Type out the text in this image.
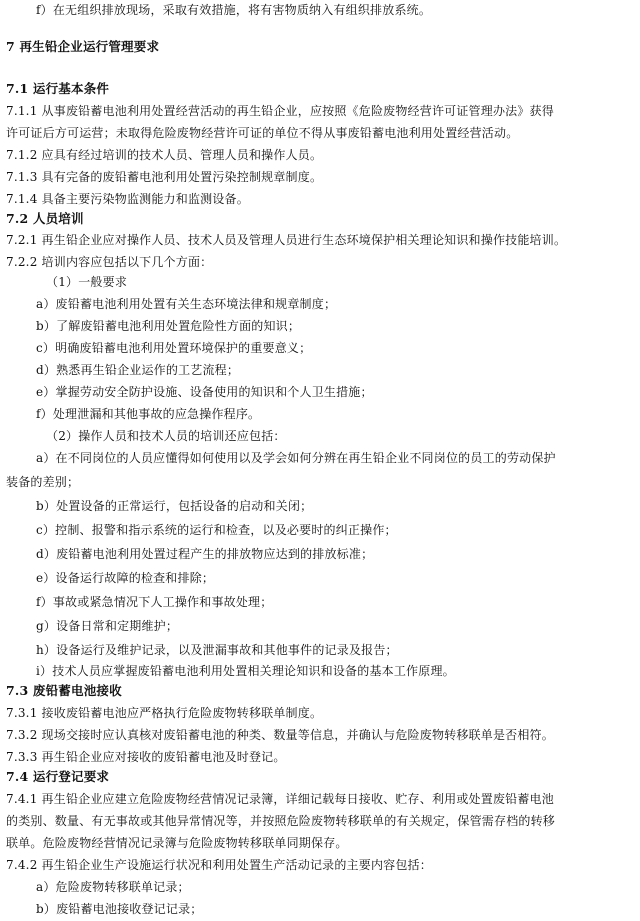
f）在无组织排放现场，采取有效措施，将有害物质纳入有组织排放系统。
7 再生铅企业运行管理要求
7.1 运行基本条件
7.1.1 从事废铅蓄电池利用处置经营活动的再生铅企业，应按照《危险废物经营许可证管理办法》获得
许可证后方可运营；未取得危险废物经营许可证的单位不得从事废铅蓄电池利用处置经营活动。
7.1.2 应具有经过培训的技术人员、管理人员和操作人员。
7.1.3 具有完备的废铅蓄电池利用处置污染控制规章制度。
7.1.4 具备主要污染物监测能力和监测设备。
7.2 人员培训
7.2.1 再生铅企业应对操作人员、技术人员及管理人员进行生态环境保护相关理论知识和操作技能培训。
7.2.2 培训内容应包括以下几个方面：
（1）一般要求
a）废铅蓄电池利用处置有关生态环境法律和规章制度；
b）了解废铅蓄电池利用处置危险性方面的知识；
c）明确废铅蓄电池利用处置环境保护的重要意义；
d）熟悉再生铅企业运作的工艺流程；
e）掌握劳动安全防护设施、设备使用的知识和个人卫生措施；
f）处理泄漏和其他事故的应急操作程序。
（2）操作人员和技术人员的培训还应包括：
a）在不同岗位的人员应懂得如何使用以及学会如何分辨在再生铅企业不同岗位的员工的劳动保护
装备的差别；
b）处置设备的正常运行，包括设备的启动和关闭；
c）控制、报警和指示系统的运行和检查，以及必要时的纠正操作；
d）废铅蓄电池利用处置过程产生的排放物应达到的排放标准；
e）设备运行故障的检查和排除；
f）事故或紧急情况下人工操作和事故处理；
g）设备日常和定期维护；
h）设备运行及维护记录，以及泄漏事故和其他事件的记录及报告；
i）技术人员应掌握废铅蓄电池利用处置相关理论知识和设备的基本工作原理。
7.3 废铅蓄电池接收
7.3.1 接收废铅蓄电池应严格执行危险废物转移联单制度。
7.3.2 现场交接时应认真核对废铅蓄电池的种类、数量等信息，并确认与危险废物转移联单是否相符。
7.3.3 再生铅企业应对接收的废铅蓄电池及时登记。
7.4 运行登记要求
7.4.1 再生铅企业应建立危险废物经营情况记录簿，详细记载每日接收、贮存、利用或处置废铅蓄电池
的类别、数量、有无事故或其他异常情况等，并按照危险废物转移联单的有关规定，保管需存档的转移
联单。危险废物经营情况记录簿与危险废物转移联单同期保存。
7.4.2 再生铅企业生产设施运行状况和利用处置生产活动记录的主要内容包括：
a）危险废物转移联单记录；
b）废铅蓄电池接收登记记录；
